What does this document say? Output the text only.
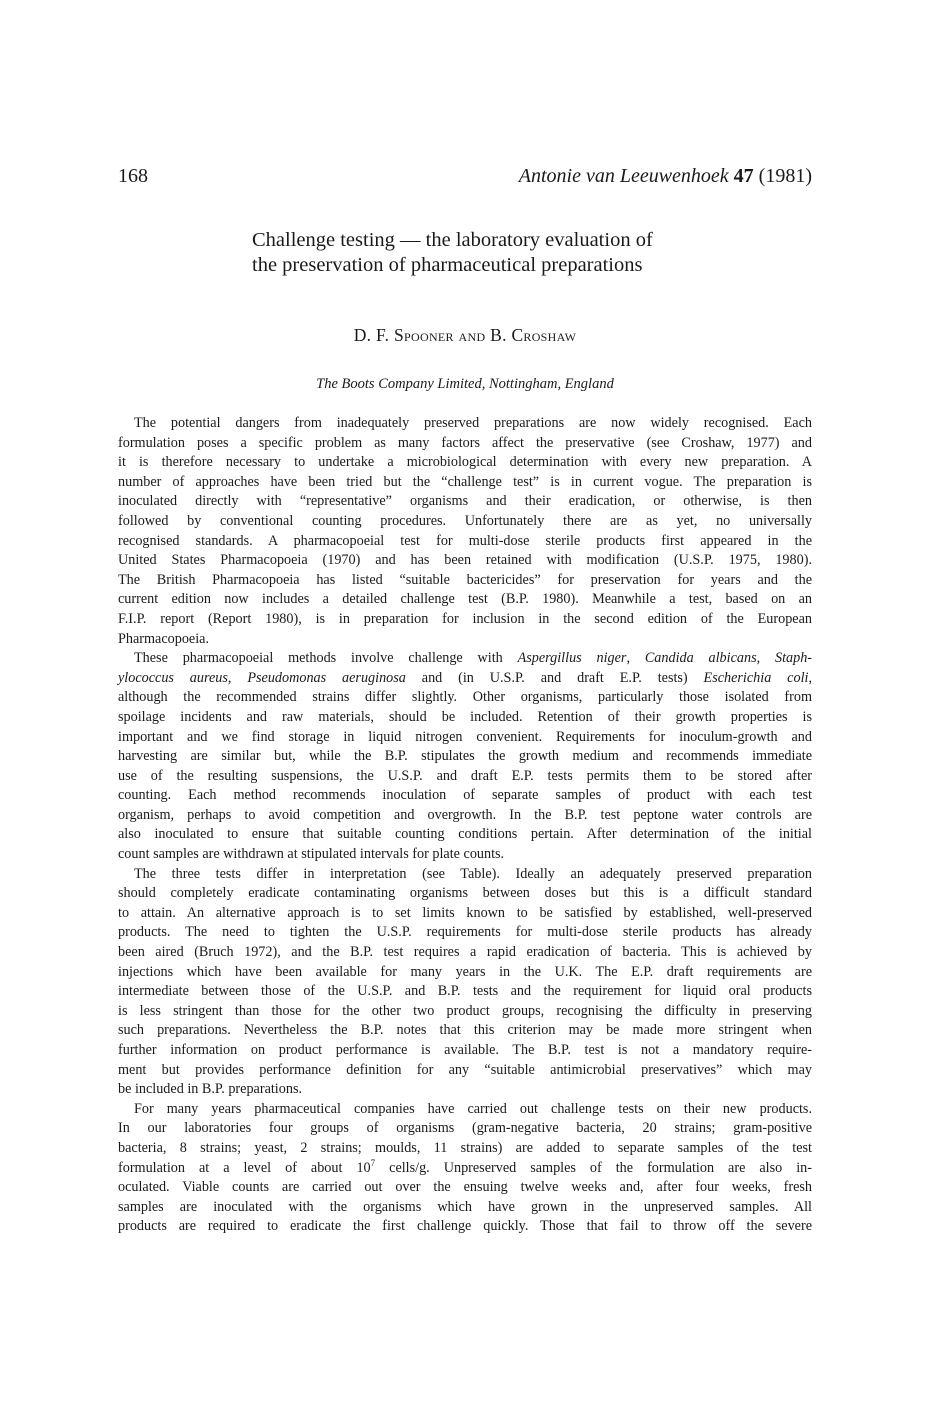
168	Antonie van Leeuwenhoek 47 (1981)
Challenge testing — the laboratory evaluation of
the preservation of pharmaceutical preparations
D. F. Spooner and B. Croshaw
The Boots Company Limited, Nottingham, England
The potential dangers from inadequately preserved preparations are now widely recognised. Each
formulation poses a specific problem as many factors affect the preservative (see Croshaw, 1977) and
it is therefore necessary to undertake a microbiological determination with every new preparation. A
number of approaches have been tried but the “challenge test” is in current vogue. The preparation is
inoculated directly with “representative” organisms and their eradication, or otherwise, is then
followed by conventional counting procedures. Unfortunately there are as yet, no universally
recognised standards. A pharmacopoeial test for multi-dose sterile products first appeared in the
United States Pharmacopoeia (1970) and has been retained with modification (U.S.P. 1975, 1980).
The British Pharmacopoeia has listed “suitable bactericides” for preservation for years and the
current edition now includes a detailed challenge test (B.P. 1980). Meanwhile a test, based on an
F.I.P. report (Report 1980), is in preparation for inclusion in the second edition of the European
Pharmacopoeia.
These pharmacopoeial methods involve challenge with Aspergillus niger, Candida albicans, Staph-
ylococcus aureus, Pseudomonas aeruginosa and (in U.S.P. and draft E.P. tests) Escherichia coli,
although the recommended strains differ slightly. Other organisms, particularly those isolated from
spoilage incidents and raw materials, should be included. Retention of their growth properties is
important and we find storage in liquid nitrogen convenient. Requirements for inoculum-growth and
harvesting are similar but, while the B.P. stipulates the growth medium and recommends immediate
use of the resulting suspensions, the U.S.P. and draft E.P. tests permits them to be stored after
counting. Each method recommends inoculation of separate samples of product with each test
organism, perhaps to avoid competition and overgrowth. In the B.P. test peptone water controls are
also inoculated to ensure that suitable counting conditions pertain. After determination of the initial
count samples are withdrawn at stipulated intervals for plate counts.
The three tests differ in interpretation (see Table). Ideally an adequately preserved preparation
should completely eradicate contaminating organisms between doses but this is a difficult standard
to attain. An alternative approach is to set limits known to be satisfied by established, well-preserved
products. The need to tighten the U.S.P. requirements for multi-dose sterile products has already
been aired (Bruch 1972), and the B.P. test requires a rapid eradication of bacteria. This is achieved by
injections which have been available for many years in the U.K. The E.P. draft requirements are
intermediate between those of the U.S.P. and B.P. tests and the requirement for liquid oral products
is less stringent than those for the other two product groups, recognising the difficulty in preserving
such preparations. Nevertheless the B.P. notes that this criterion may be made more stringent when
further information on product performance is available. The B.P. test is not a mandatory require-
ment but provides performance definition for any “suitable antimicrobial preservatives” which may
be included in B.P. preparations.
For many years pharmaceutical companies have carried out challenge tests on their new products.
In our laboratories four groups of organisms (gram-negative bacteria, 20 strains; gram-positive
bacteria, 8 strains; yeast, 2 strains; moulds, 11 strains) are added to separate samples of the test
formulation at a level of about $10^7$ cells/g. Unpreserved samples of the formulation are also in-
oculated. Viable counts are carried out over the ensuing twelve weeks and, after four weeks, fresh
samples are inoculated with the organisms which have grown in the unpreserved samples. All
products are required to eradicate the first challenge quickly. Those that fail to throw off the severe
